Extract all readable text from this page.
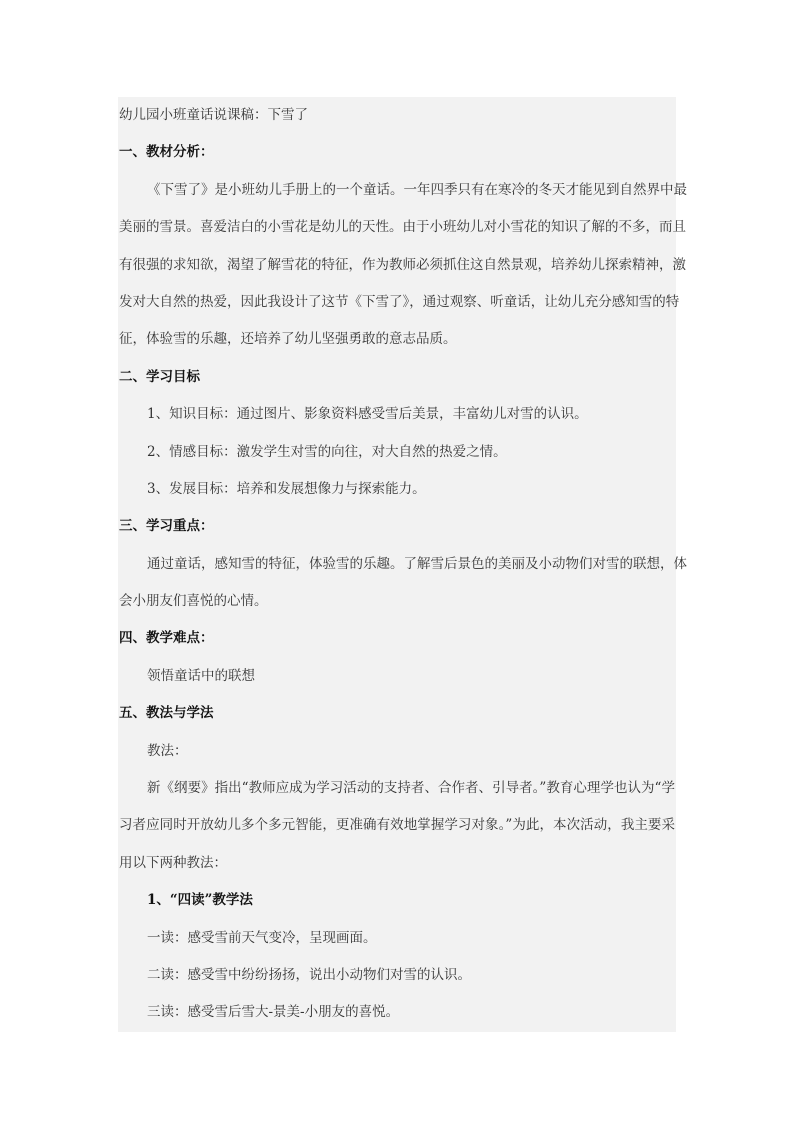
幼儿园小班童话说课稿：下雪了
一、教材分析：
《下雪了》是小班幼儿手册上的一个童话。一年四季只有在寒冷的冬天才能见到自然界中最
美丽的雪景。喜爱洁白的小雪花是幼儿的天性。由于小班幼儿对小雪花的知识了解的不多，而且
有很强的求知欲，渴望了解雪花的特征，作为教师必须抓住这自然景观，培养幼儿探索精神，激
发对大自然的热爱，因此我设计了这节《下雪了》，通过观察、听童话，让幼儿充分感知雪的特
征，体验雪的乐趣，还培养了幼儿坚强勇敢的意志品质。
二、学习目标
1、知识目标：通过图片、影象资料感受雪后美景，丰富幼儿对雪的认识。
2、情感目标：激发学生对雪的向往，对大自然的热爱之情。
3、发展目标：培养和发展想像力与探索能力。
三、学习重点：
通过童话，感知雪的特征，体验雪的乐趣。了解雪后景色的美丽及小动物们对雪的联想，体
会小朋友们喜悦的心情。
四、教学难点：
领悟童话中的联想
五、教法与学法
教法：
新《纲要》指出“教师应成为学习活动的支持者、合作者、引导者。”教育心理学也认为“学
习者应同时开放幼儿多个多元智能，更准确有效地掌握学习对象。”为此，本次活动，我主要采
用以下两种教法：
1、“四读”教学法
一读：感受雪前天气变冷，呈现画面。
二读：感受雪中纷纷扬扬，说出小动物们对雪的认识。
三读：感受雪后雪大-景美-小朋友的喜悦。
